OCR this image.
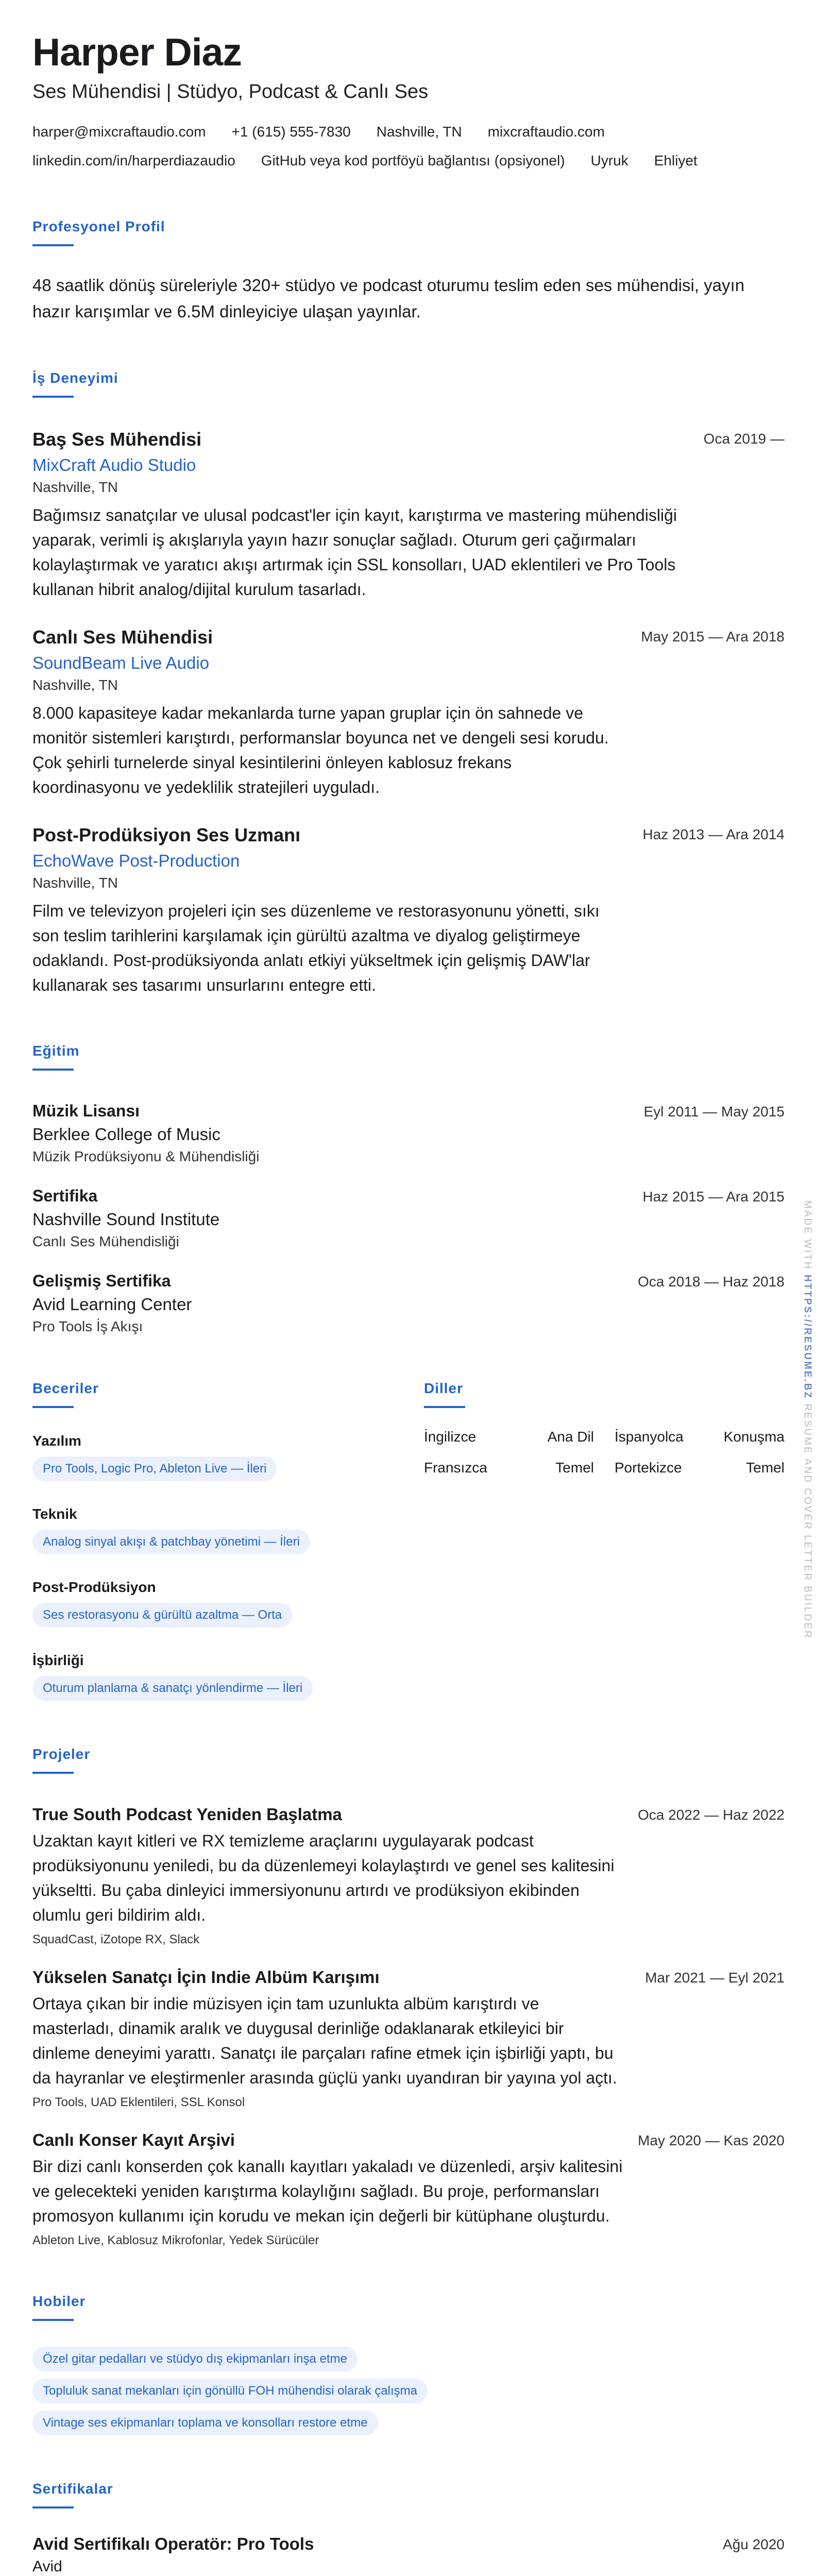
Harper Diaz
Ses Mühendisi | Stüdyo, Podcast & Canlı Ses
harper@mixcraftaudio.com +1 (615) 555-7830 Nashville, TN mixcraftaudio.com
linkedin.com/in/harperdiazaudio GitHub veya kod portföyü bağlantısı (opsiyonel) Uyruk Ehliyet
Profesyonel Profil
48 saatlik dönüş süreleriyle 320+ stüdyo ve podcast oturumu teslim eden ses mühendisi, yayın hazır karışımlar ve 6.5M dinleyiciye ulaşan yayınlar.
İş Deneyimi
Baş Ses Mühendisi	Oca 2019 —
MixCraft Audio Studio
Nashville, TN
Bağımsız sanatçılar ve ulusal podcast'ler için kayıt, karıştırma ve mastering mühendisliği yaparak, verimli iş akışlarıyla yayın hazır sonuçlar sağladı. Oturum geri çağırmaları kolaylaştırmak ve yaratıcı akışı artırmak için SSL konsolları, UAD eklentileri ve Pro Tools kullanan hibrit analog/dijital kurulum tasarladı.
Canlı Ses Mühendisi	May 2015 — Ara 2018
SoundBeam Live Audio
Nashville, TN
8.000 kapasiteye kadar mekanlarda turne yapan gruplar için ön sahnede ve monitör sistemleri karıştırdı, performanslar boyunca net ve dengeli sesi korudu. Çok şehirli turnelerde sinyal kesintilerini önleyen kablosuz frekans koordinasyonu ve yedeklilik stratejileri uyguladı.
Post-Prodüksiyon Ses Uzmanı	Haz 2013 — Ara 2014
EchoWave Post-Production
Nashville, TN
Film ve televizyon projeleri için ses düzenleme ve restorasyonunu yönetti, sıkı son teslim tarihlerini karşılamak için gürültü azaltma ve diyalog geliştirmeye odaklandı. Post-prodüksiyonda anlatı etkiyi yükseltmek için gelişmiş DAW'lar kullanarak ses tasarımı unsurlarını entegre etti.
Eğitim
Müzik Lisansı	Eyl 2011 — May 2015
Berklee College of Music
Müzik Prodüksiyonu & Mühendisliği
Sertifika	Haz 2015 — Ara 2015
Nashville Sound Institute
Canlı Ses Mühendisliği
Gelişmiş Sertifika	Oca 2018 — Haz 2018
Avid Learning Center
Pro Tools İş Akışı
Beceriler
Yazılım
Pro Tools, Logic Pro, Ableton Live — İleri
Teknik
Analog sinyal akışı & patchbay yönetimi — İleri
Post-Prodüksiyon
Ses restorasyonu & gürültü azaltma — Orta
İşbirliği
Oturum planlama & sanatçı yönlendirme — İleri
Diller
İngilizce	Ana Dil İspanyolca	Konuşma
Fransızca	Temel Portekizce	Temel
Projeler
True South Podcast Yeniden Başlatma	Oca 2022 — Haz 2022
Uzaktan kayıt kitleri ve RX temizleme araçlarını uygulayarak podcast prodüksiyonunu yeniledi, bu da düzenlemeyi kolaylaştırdı ve genel ses kalitesini yükseltti. Bu çaba dinleyici immersiyonunu artırdı ve prodüksiyon ekibinden olumlu geri bildirim aldı.
SquadCast, iZotope RX, Slack
Yükselen Sanatçı İçin Indie Albüm Karışımı	Mar 2021 — Eyl 2021
Ortaya çıkan bir indie müzisyen için tam uzunlukta albüm karıştırdı ve masterladı, dinamik aralık ve duygusal derinliğe odaklanarak etkileyici bir dinleme deneyimi yarattı. Sanatçı ile parçaları rafine etmek için işbirliği yaptı, bu da hayranlar ve eleştirmenler arasında güçlü yankı uyandıran bir yayına yol açtı.
Pro Tools, UAD Eklentileri, SSL Konsol
Canlı Konser Kayıt Arşivi	May 2020 — Kas 2020
Bir dizi canlı konserden çok kanallı kayıtları yakaladı ve düzenledi, arşiv kalitesini ve gelecekteki yeniden karıştırma kolaylığını sağladı. Bu proje, performansları promosyon kullanımı için korudu ve mekan için değerli bir kütüphane oluşturdu.
Ableton Live, Kablosuz Mikrofonlar, Yedek Sürücüler
Hobiler
Özel gitar pedalları ve stüdyo dış ekipmanları inşa etme
Topluluk sanat mekanları için gönüllü FOH mühendisi olarak çalışma
Vintage ses ekipmanları toplama ve konsolları restore etme
Sertifikalar
Avid Sertifikalı Operatör: Pro Tools	Ağu 2020
Avid
MADE WITH HTTPS://RESUME.BZ RESUME AND COVER LETTER BUILDER
